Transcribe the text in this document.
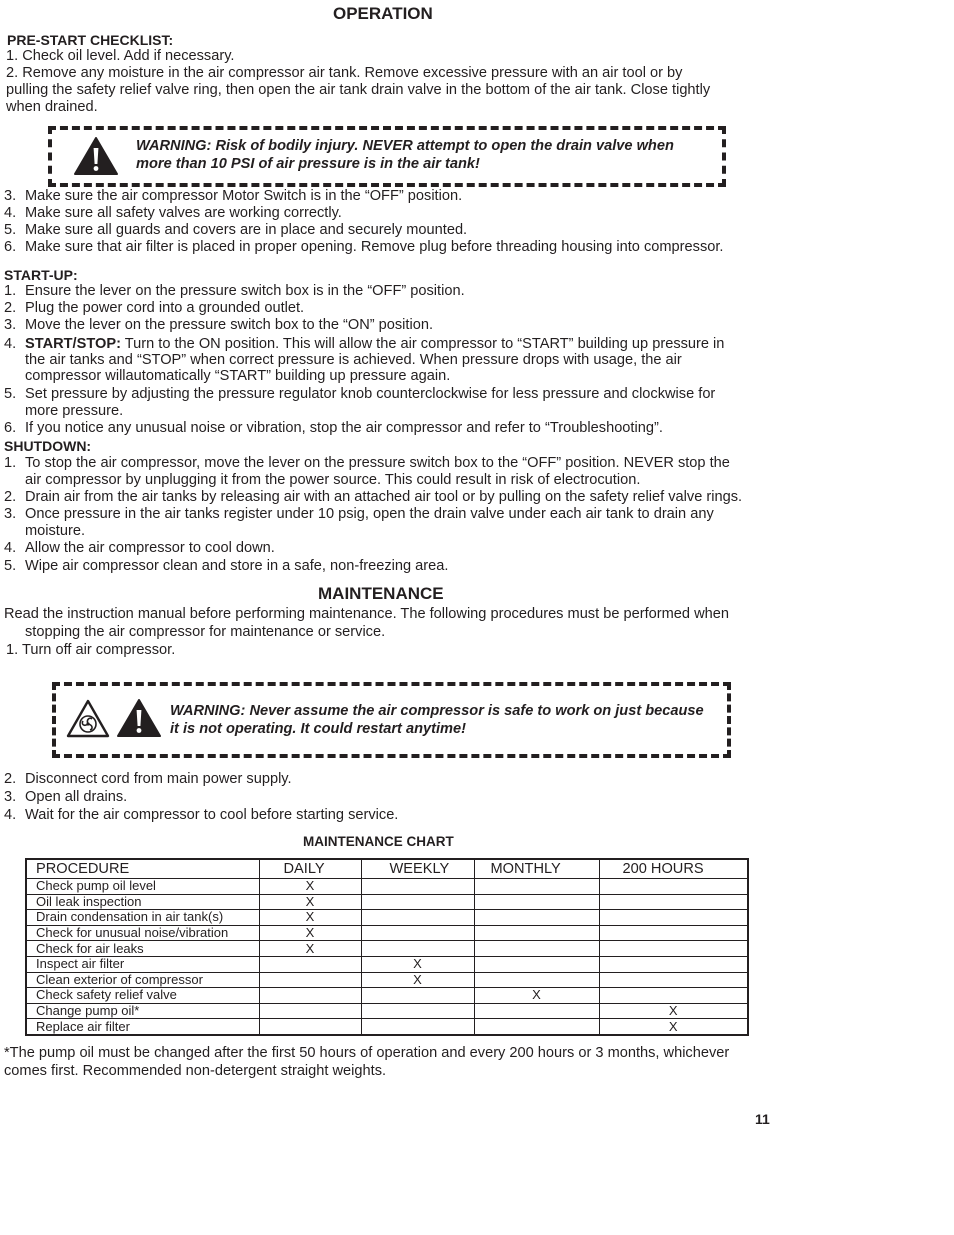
OPERATION
PRE-START CHECKLIST:
1. Check oil level. Add if necessary.
2. Remove any moisture in the air compressor air tank. Remove excessive pressure with an air tool or by
pulling the safety relief valve ring, then open the air tank drain valve in the bottom of the air tank. Close tightly
when drained.
WARNING: Risk of bodily injury. NEVER attempt to open the drain valve when
more than 10 PSI of air pressure is in the air tank!
3. Make sure the air compressor Motor Switch is in the “OFF” position.
4. Make sure all safety valves are working correctly.
5. Make sure all guards and covers are in place and securely mounted.
6. Make sure that air filter is placed in proper opening. Remove plug before threading housing into compressor.
START-UP:
1. Ensure the lever on the pressure switch box is in the “OFF” position.
2. Plug the power cord into a grounded outlet.
3. Move the lever on the pressure switch box to the “ON” position.
4. START/STOP: Turn to the ON position. This will allow the air compressor to “START” building up pressure in
the air tanks and “STOP” when correct pressure is achieved. When pressure drops with usage, the air
compressor willautomatically “START” building up pressure again.
5. Set pressure by adjusting the pressure regulator knob counterclockwise for less pressure and clockwise for
more pressure.
6. If you notice any unusual noise or vibration, stop the air compressor and refer to “Troubleshooting”.
SHUTDOWN:
1. To stop the air compressor, move the lever on the pressure switch box to the “OFF” position. NEVER stop the
air compressor by unplugging it from the power source. This could result in risk of electrocution.
2. Drain air from the air tanks by releasing air with an attached air tool or by pulling on the safety relief valve rings.
3. Once pressure in the air tanks register under 10 psig, open the drain valve under each air tank to drain any
moisture.
4. Allow the air compressor to cool down.
5. Wipe air compressor clean and store in a safe, non-freezing area.
MAINTENANCE
Read the instruction manual before performing maintenance. The following procedures must be performed when
stopping the air compressor for maintenance or service.
1. Turn off air compressor.
WARNING: Never assume the air compressor is safe to work on just because
it is not operating. It could restart anytime!
2. Disconnect cord from main power supply.
3. Open all drains.
4. Wait for the air compressor to cool before starting service.
MAINTENANCE CHART
PROCEDURE	DAILY	WEEKLY	MONTHLY	200 HOURS
Check pump oil level	X			
Oil leak inspection	X			
Drain condensation in air tank(s)	X			
Check for unusual noise/vibration	X			
Check for air leaks	X			
Inspect air filter		X		
Clean exterior of compressor		X		
Check safety relief valve			X	
Change pump oil*				X
Replace air filter				X
*The pump oil must be changed after the first 50 hours of operation and every 200 hours or 3 months, whichever
comes first. Recommended non-detergent straight weights.
11
